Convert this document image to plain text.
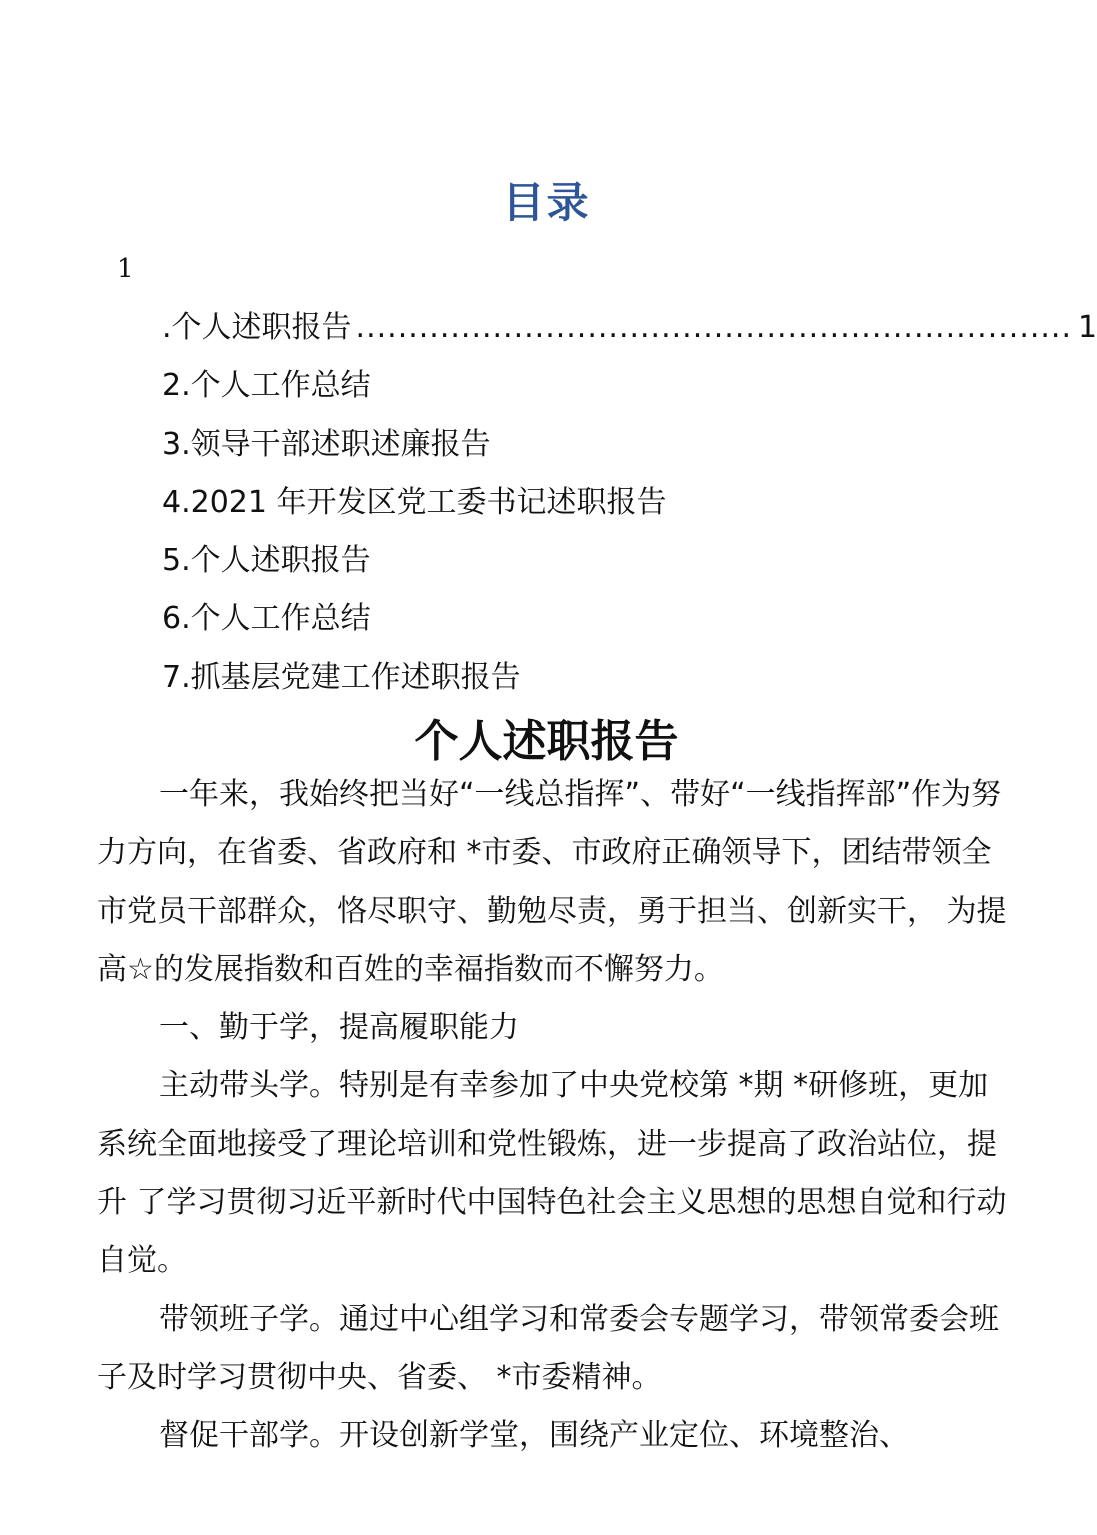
目录
1
.个人述职报告 .................................................................... 1
2.个人工作总结
3.领导干部述职述廉报告
4.2021 年开发区党工委书记述职报告
5.个人述职报告
6.个人工作总结
7.抓基层党建工作述职报告
个人述职报告

一年来，我始终把当好“一线总指挥”、带好“一线指挥部”作为努力方向，在省委、省政府和 *市委、市政府正确领导下，团结带领全市党员干部群众，恪尽职守、勤勉尽责，勇于担当、创新实干， 为提高☆的发展指数和百姓的幸福指数而不懈努力。

一、勤于学，提高履职能力

主动带头学。特别是有幸参加了中央党校第 *期 *研修班，更加系统全面地接受了理论培训和党性锻炼，进一步提高了政治站位，提升 了学习贯彻习近平新时代中国特色社会主义思想的思想自觉和行动自觉。

带领班子学。通过中心组学习和常委会专题学习，带领常委会班 子及时学习贯彻中央、省委、 *市委精神。

督促干部学。开设创新学堂，围绕产业定位、环境整治、
